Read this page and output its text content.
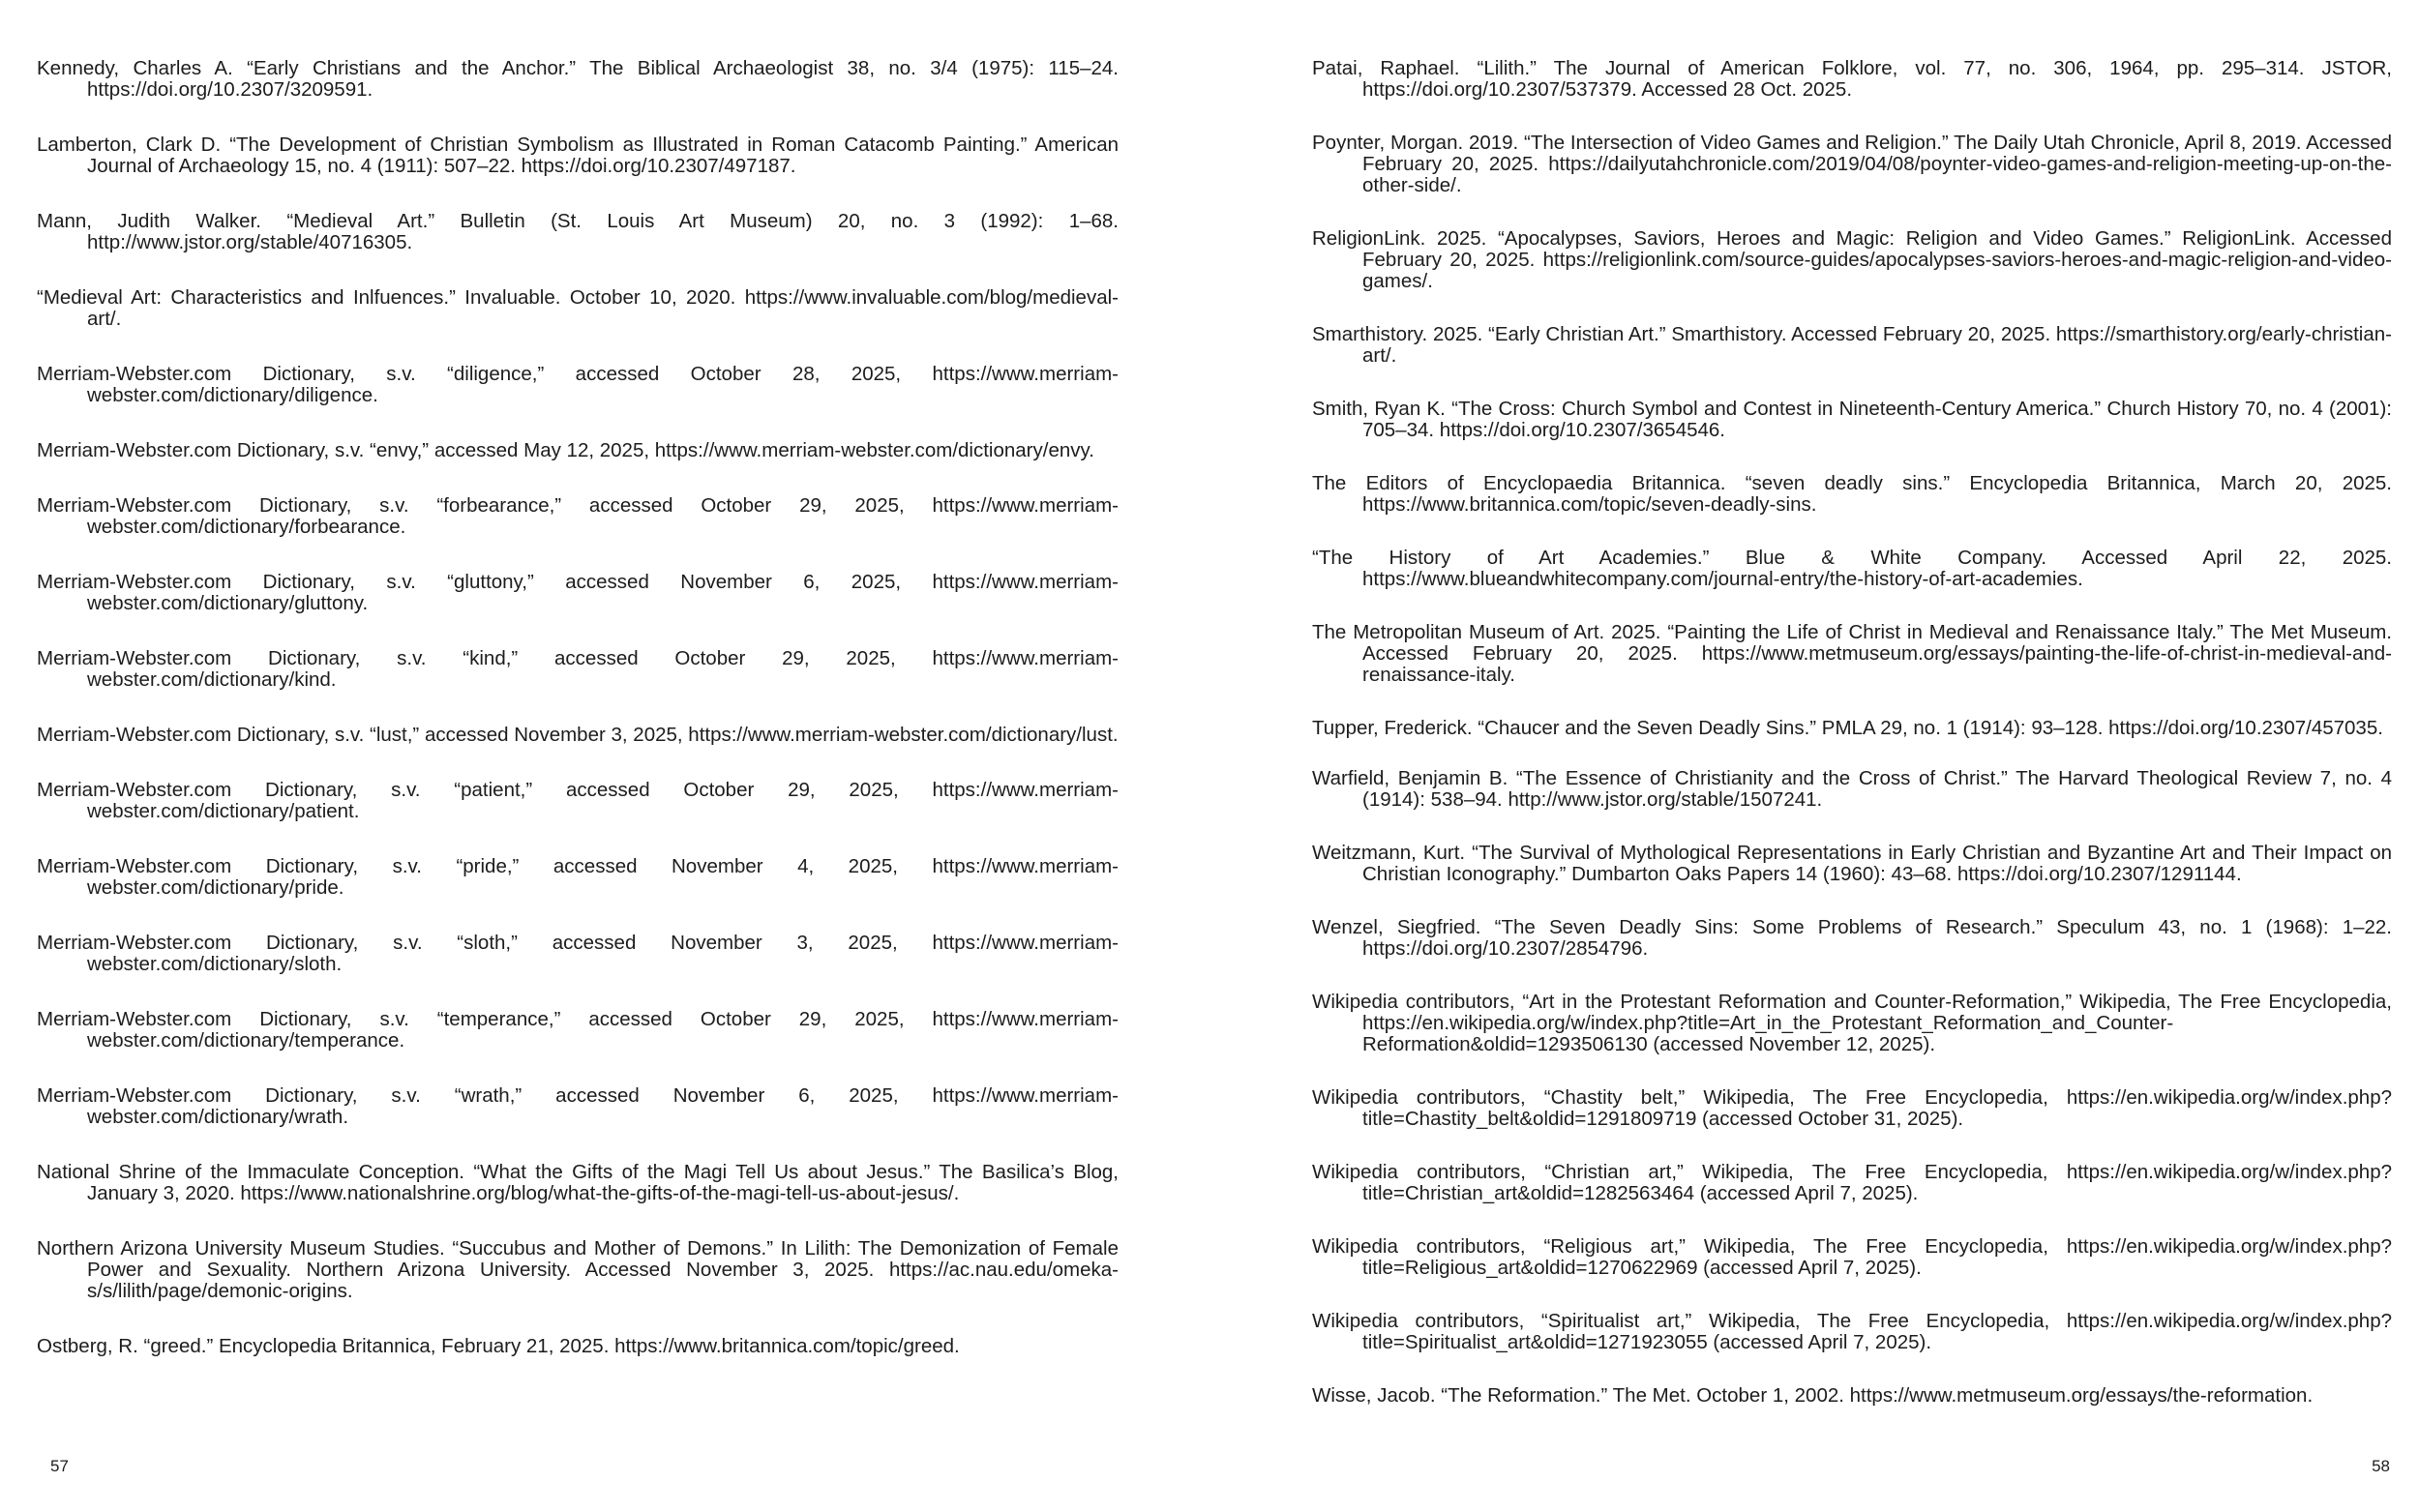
Kennedy, Charles A. “Early Christians and the Anchor.” The Biblical Archaeologist 38, no. 3/4 (1975): 115–24. https://doi.org/10.2307/3209591.

Lamberton, Clark D. “The Development of Christian Symbolism as Illustrated in Roman Catacomb Painting.” American Journal of Archaeology 15, no. 4 (1911): 507–22. https://doi.org/10.2307/497187.

Mann, Judith Walker. “Medieval Art.” Bulletin (St. Louis Art Museum) 20, no. 3 (1992): 1–68. http://www.jstor.org/stable/40716305.

“Medieval Art: Characteristics and Inlfuences.” Invaluable. October 10, 2020. https://www.invaluable.com/blog/medieval-art/.

Merriam-Webster.com Dictionary, s.v. “diligence,” accessed October 28, 2025, https://www.merriam-webster.com/dictionary/diligence.

Merriam-Webster.com Dictionary, s.v. “envy,” accessed May 12, 2025, https://www.merriam-webster.com/dictionary/envy.

Merriam-Webster.com Dictionary, s.v. “forbearance,” accessed October 29, 2025, https://www.merriam-webster.com/dictionary/forbearance.

Merriam-Webster.com Dictionary, s.v. “gluttony,” accessed November 6, 2025, https://www.merriam-webster.com/dictionary/gluttony.

Merriam-Webster.com Dictionary, s.v. “kind,” accessed October 29, 2025, https://www.merriam-webster.com/dictionary/kind.

Merriam-Webster.com Dictionary, s.v. “lust,” accessed November 3, 2025, https://www.merriam-webster.com/dictionary/lust.

Merriam-Webster.com Dictionary, s.v. “patient,” accessed October 29, 2025, https://www.merriam-webster.com/dictionary/patient.

Merriam-Webster.com Dictionary, s.v. “pride,” accessed November 4, 2025, https://www.merriam-webster.com/dictionary/pride.

Merriam-Webster.com Dictionary, s.v. “sloth,” accessed November 3, 2025, https://www.merriam-webster.com/dictionary/sloth.

Merriam-Webster.com Dictionary, s.v. “temperance,” accessed October 29, 2025, https://www.merriam-webster.com/dictionary/temperance.

Merriam-Webster.com Dictionary, s.v. “wrath,” accessed November 6, 2025, https://www.merriam-webster.com/dictionary/wrath.

National Shrine of the Immaculate Conception. “What the Gifts of the Magi Tell Us about Jesus.” The Basilica’s Blog, January 3, 2020. https://www.nationalshrine.org/blog/what-the-gifts-of-the-magi-tell-us-about-jesus/.

Northern Arizona University Museum Studies. “Succubus and Mother of Demons.” In Lilith: The Demonization of Female Power and Sexuality. Northern Arizona University. Accessed November 3, 2025. https://ac.nau.edu/omeka-s/s/lilith/page/demonic-origins.

Ostberg, R. “greed.” Encyclopedia Britannica, February 21, 2025. https://www.britannica.com/topic/greed.

57

Patai, Raphael. “Lilith.” The Journal of American Folklore, vol. 77, no. 306, 1964, pp. 295–314. JSTOR, https://doi.org/10.2307/537379. Accessed 28 Oct. 2025.

Poynter, Morgan. 2019. “The Intersection of Video Games and Religion.” The Daily Utah Chronicle, April 8, 2019. Accessed February 20, 2025. https://dailyutahchronicle.com/2019/04/08/poynter-video-games-and-religion-meeting-up-on-the-other-side/.

ReligionLink. 2025. “Apocalypses, Saviors, Heroes and Magic: Religion and Video Games.” ReligionLink. Accessed February 20, 2025. https://religionlink.com/source-guides/apocalypses-saviors-heroes-and-magic-religion-and-video-games/.

Smarthistory. 2025. “Early Christian Art.” Smarthistory. Accessed February 20, 2025. https://smarthistory.org/early-christian-art/.

Smith, Ryan K. “The Cross: Church Symbol and Contest in Nineteenth-Century America.” Church History 70, no. 4 (2001): 705–34. https://doi.org/10.2307/3654546.

The Editors of Encyclopaedia Britannica. “seven deadly sins.” Encyclopedia Britannica, March 20, 2025. https://www.britannica.com/topic/seven-deadly-sins.

“The History of Art Academies.” Blue & White Company. Accessed April 22, 2025. https://www.blueandwhitecompany.com/journal-entry/the-history-of-art-academies.

The Metropolitan Museum of Art. 2025. “Painting the Life of Christ in Medieval and Renaissance Italy.” The Met Museum. Accessed February 20, 2025. https://www.metmuseum.org/essays/painting-the-life-of-christ-in-medieval-and-renaissance-italy.

Tupper, Frederick. “Chaucer and the Seven Deadly Sins.” PMLA 29, no. 1 (1914): 93–128. https://doi.org/10.2307/457035.

Warfield, Benjamin B. “The Essence of Christianity and the Cross of Christ.” The Harvard Theological Review 7, no. 4 (1914): 538–94. http://www.jstor.org/stable/1507241.

Weitzmann, Kurt. “The Survival of Mythological Representations in Early Christian and Byzantine Art and Their Impact on Christian Iconography.” Dumbarton Oaks Papers 14 (1960): 43–68. https://doi.org/10.2307/1291144.

Wenzel, Siegfried. “The Seven Deadly Sins: Some Problems of Research.” Speculum 43, no. 1 (1968): 1–22. https://doi.org/10.2307/2854796.

Wikipedia contributors, “Art in the Protestant Reformation and Counter-Reformation,” Wikipedia, The Free Encyclopedia, https://en.wikipedia.org/w/index.php?title=Art_in_the_Protestant_Reformation_and_Counter-Reformation&oldid=1293506130 (accessed November 12, 2025).

Wikipedia contributors, “Chastity belt,” Wikipedia, The Free Encyclopedia, https://en.wikipedia.org/w/index.php?title=Chastity_belt&oldid=1291809719 (accessed October 31, 2025).

Wikipedia contributors, “Christian art,” Wikipedia, The Free Encyclopedia, https://en.wikipedia.org/w/index.php?title=Christian_art&oldid=1282563464 (accessed April 7, 2025).

Wikipedia contributors, “Religious art,” Wikipedia, The Free Encyclopedia, https://en.wikipedia.org/w/index.php?title=Religious_art&oldid=1270622969 (accessed April 7, 2025).

Wikipedia contributors, “Spiritualist art,” Wikipedia, The Free Encyclopedia, https://en.wikipedia.org/w/index.php?title=Spiritualist_art&oldid=1271923055 (accessed April 7, 2025).

Wisse, Jacob. “The Reformation.” The Met. October 1, 2002. https://www.metmuseum.org/essays/the-reformation.

58
